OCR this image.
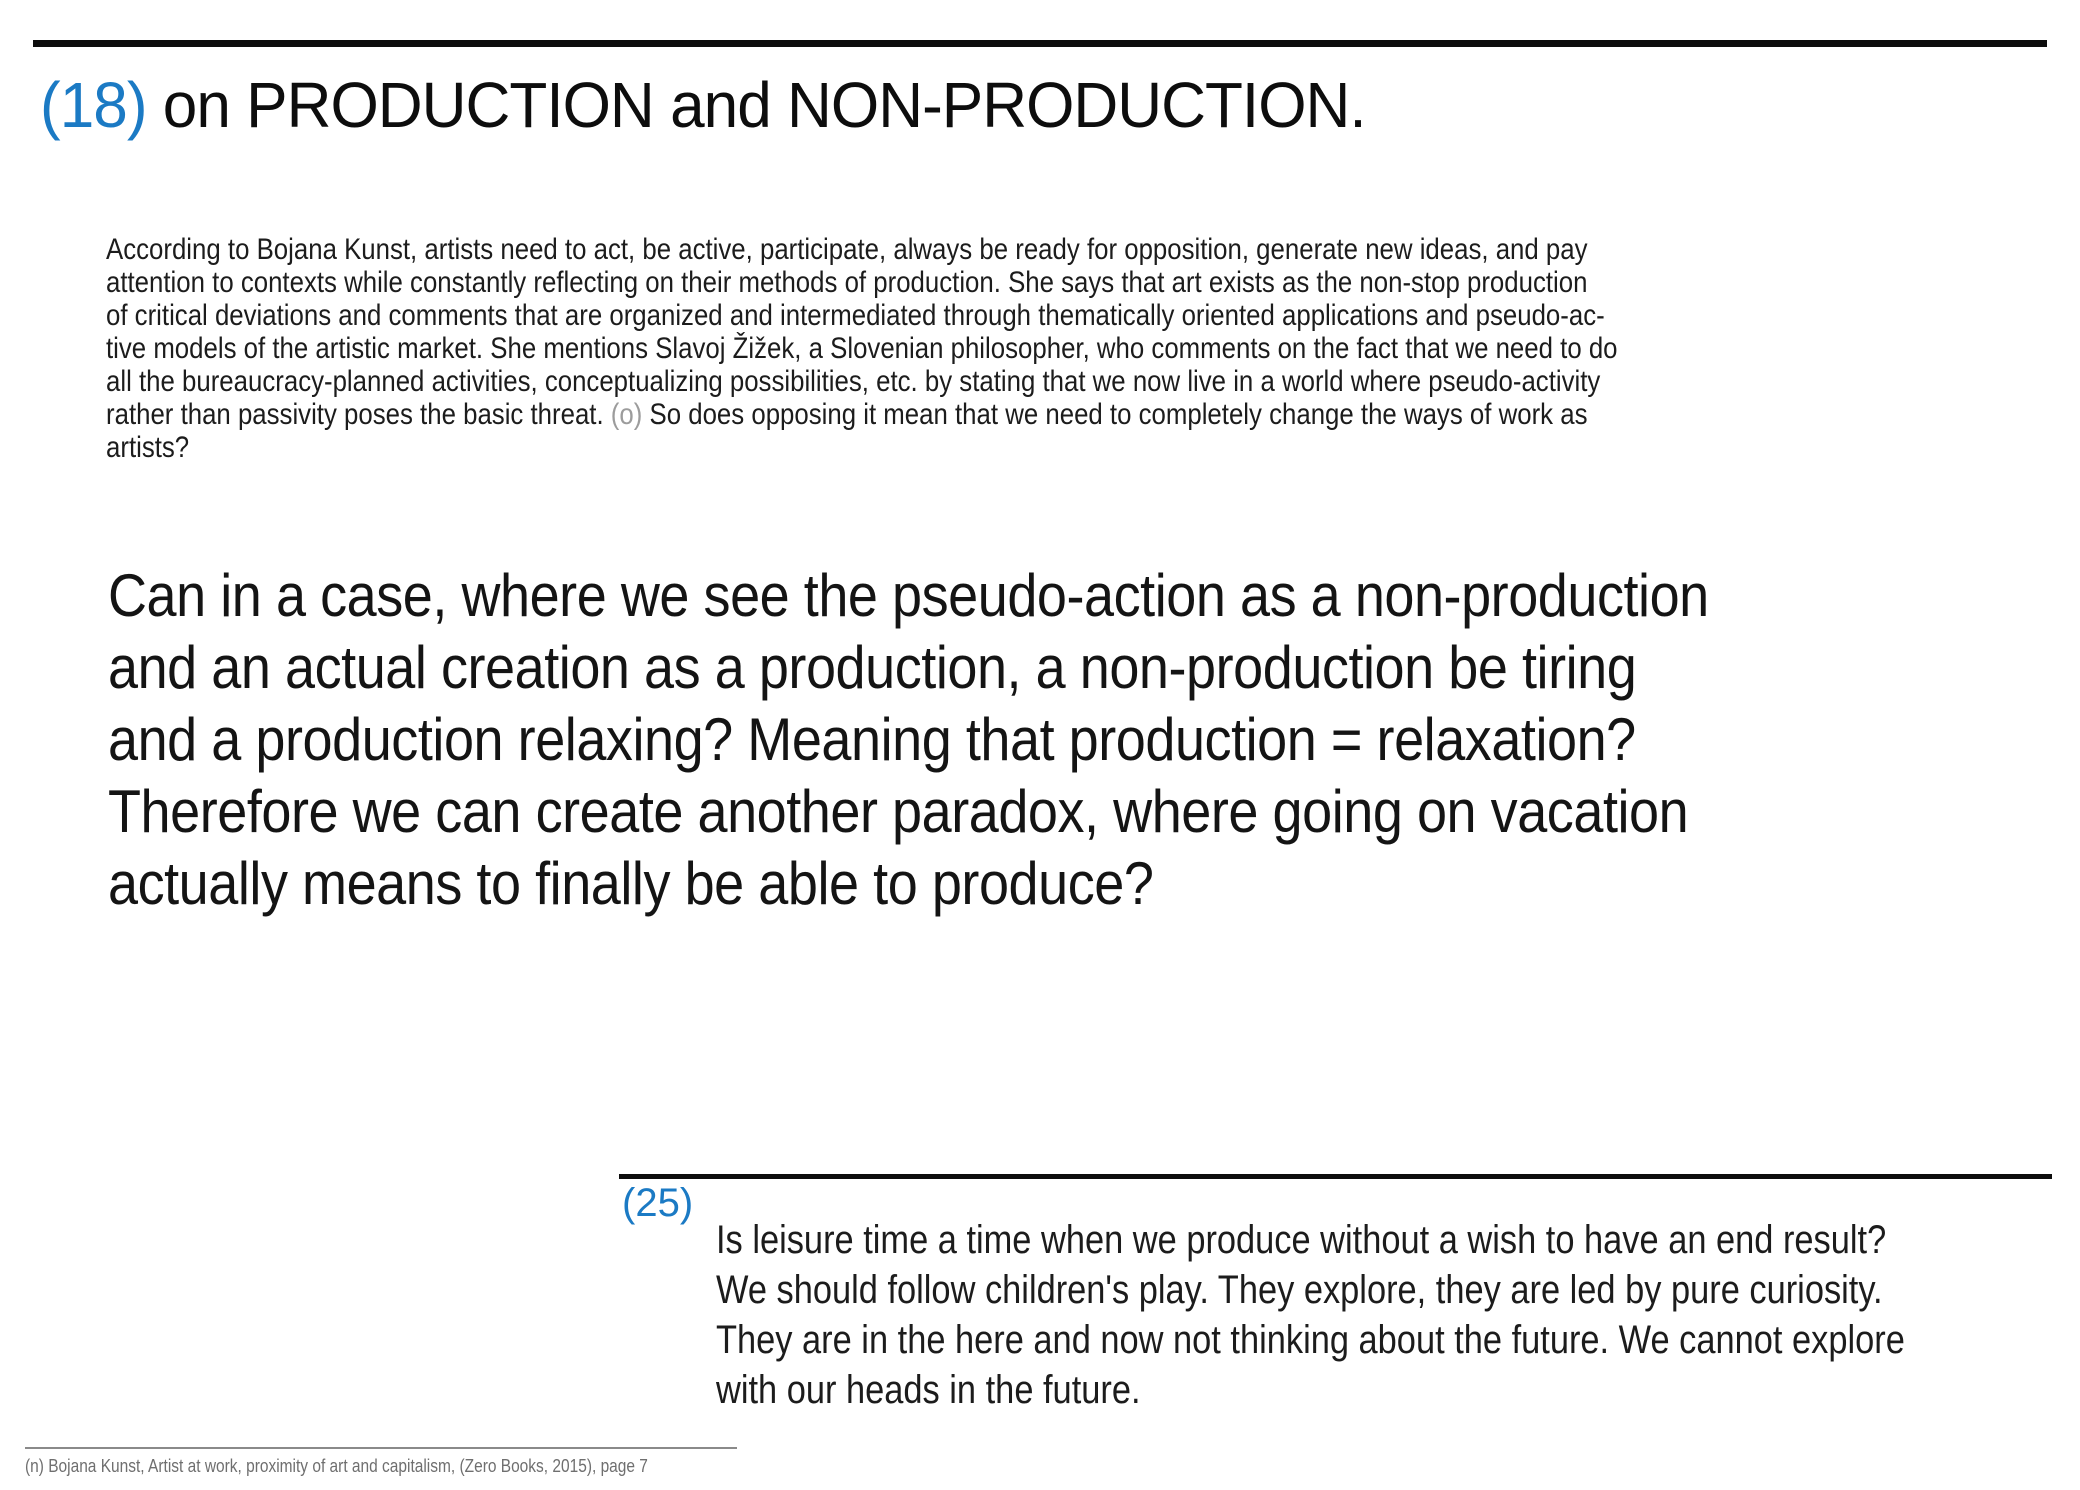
(18) on PRODUCTION and NON-PRODUCTION.
According to Bojana Kunst, artists need to act, be active, participate, always be ready for opposition, generate new ideas, and pay
attention to contexts while constantly reflecting on their methods of production. She says that art exists as the non-stop production
of critical deviations and comments that are organized and intermediated through thematically oriented applications and pseudo-ac-
tive models of the artistic market. She mentions Slavoj Žižek, a Slovenian philosopher, who comments on the fact that we need to do
all the bureaucracy-planned activities, conceptualizing possibilities, etc. by stating that we now live in a world where pseudo-activity
rather than passivity poses the basic threat. (o) So does opposing it mean that we need to completely change the ways of work as
artists?
Can in a case, where we see the pseudo-action as a non-production
and an actual creation as a production, a non-production be tiring
and a production relaxing? Meaning that production = relaxation?
Therefore we can create another paradox, where going on vacation
actually means to finally be able to produce?
(25)
Is leisure time a time when we produce without a wish to have an end result?
We should follow children's play. They explore, they are led by pure curiosity.
They are in the here and now not thinking about the future. We cannot explore
with our heads in the future.
(n) Bojana Kunst, Artist at work, proximity of art and capitalism, (Zero Books, 2015), page 7
